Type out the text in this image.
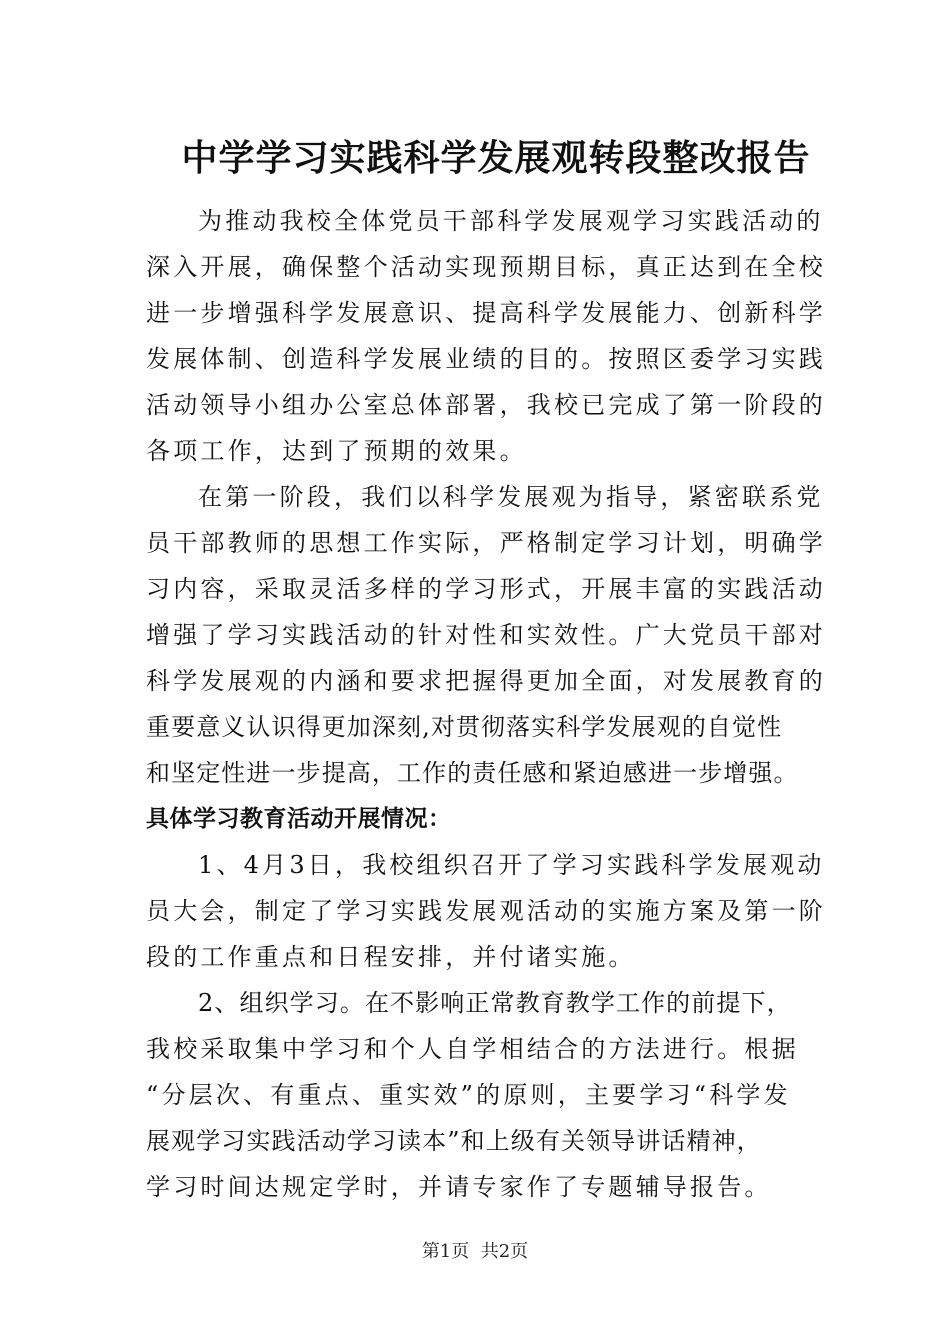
中学学习实践科学发展观转段整改报告
为推动我校全体党员干部科学发展观学习实践活动的
深入开展，确保整个活动实现预期目标，真正达到在全校
进一步增强科学发展意识、提高科学发展能力、创新科学
发展体制、创造科学发展业绩的目的。按照区委学习实践
活动领导小组办公室总体部署，我校已完成了第一阶段的
各项工作，达到了预期的效果。
在第一阶段，我们以科学发展观为指导，紧密联系党
员干部教师的思想工作实际，严格制定学习计划，明确学
习内容，采取灵活多样的学习形式，开展丰富的实践活动
增强了学习实践活动的针对性和实效性。广大党员干部对
科学发展观的内涵和要求把握得更加全面，对发展教育的
重要意义认识得更加深刻,对贯彻落实科学发展观的自觉性
和坚定性进一步提高，工作的责任感和紧迫感进一步增强。
具体学习教育活动开展情况：
1、4月3日，我校组织召开了学习实践科学发展观动
员大会，制定了学习实践发展观活动的实施方案及第一阶
段的工作重点和日程安排，并付诸实施。
2、组织学习。在不影响正常教育教学工作的前提下，
我校采取集中学习和个人自学相结合的方法进行。根据
“分层次、有重点、重实效”的原则，主要学习“科学发
展观学习实践活动学习读本”和上级有关领导讲话精神，
学习时间达规定学时，并请专家作了专题辅导报告。
第1页  共2页
